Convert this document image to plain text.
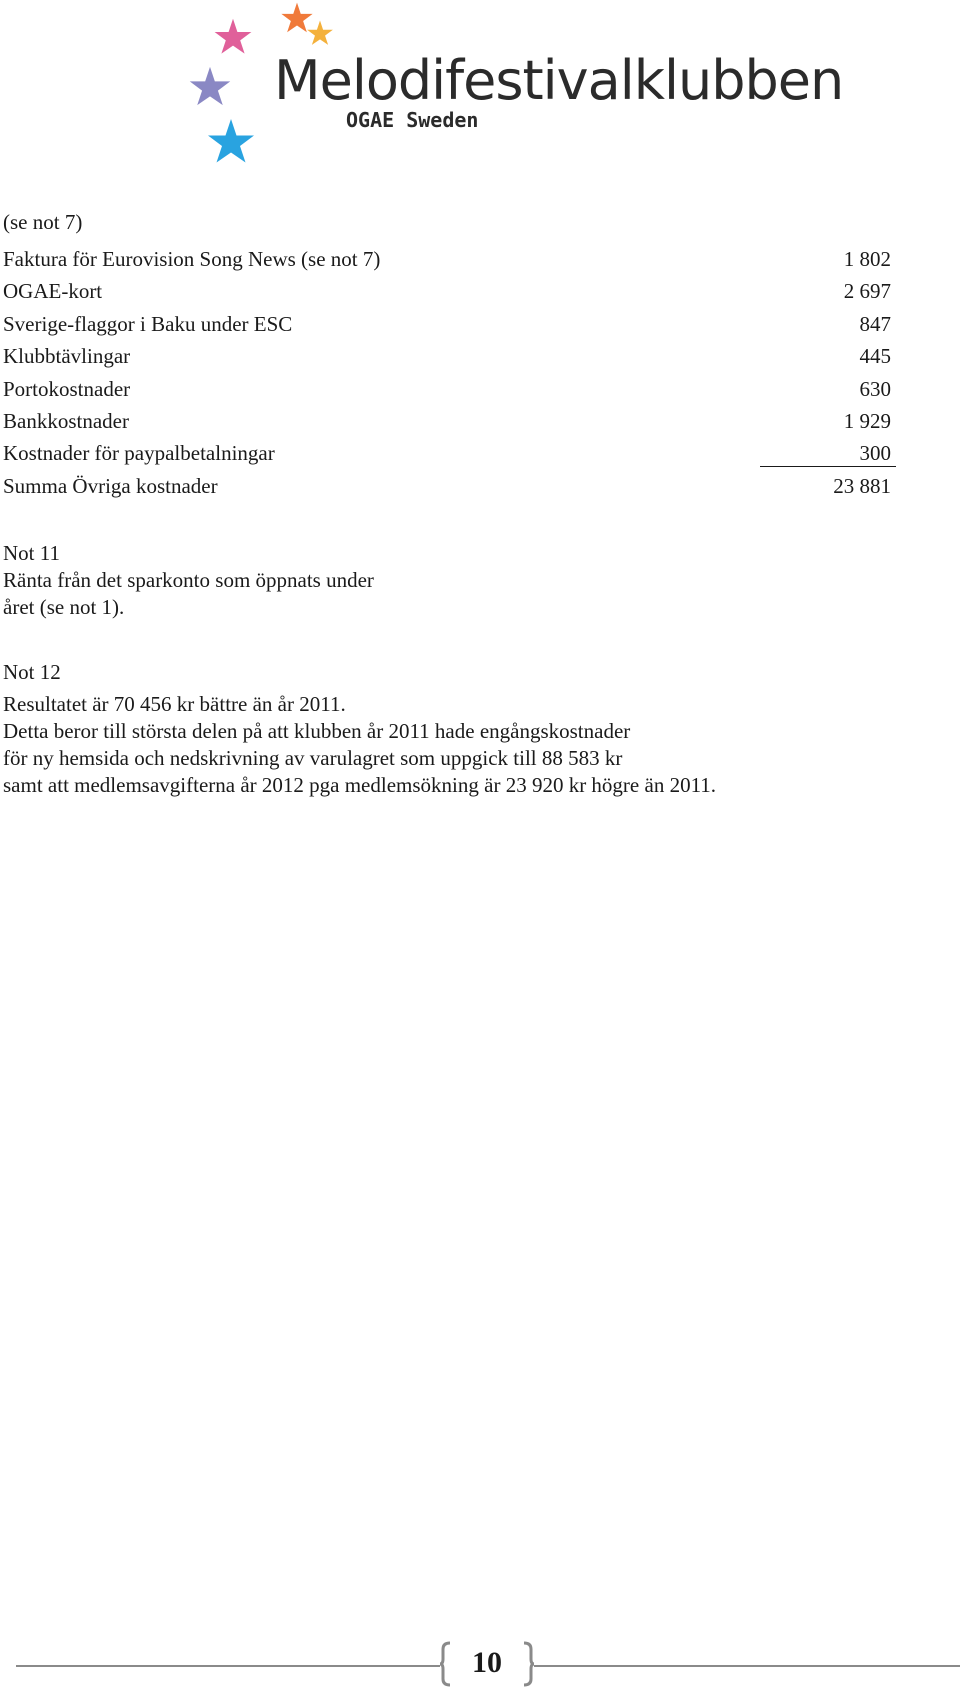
Melodifestivalklubben
OGAE Sweden
(se not 7)
Faktura för Eurovision Song News (se not 7)	1 802
OGAE-kort	2 697
Sverige-flaggor i Baku under ESC	847
Klubbtävlingar	445
Portokostnader	630
Bankkostnader	1 929
Kostnader för paypalbetalningar	300
Summa Övriga kostnader	23 881
Not 11
Ränta från det sparkonto som öppnats under
året (se not 1).
Not 12
Resultatet är 70 456 kr bättre än år 2011.
Detta beror till största delen på att klubben år 2011 hade engångskostnader
för ny hemsida och nedskrivning av varulagret som uppgick till 88 583 kr
samt att medlemsavgifterna år 2012 pga medlemsökning är 23 920 kr högre än 2011.
10
